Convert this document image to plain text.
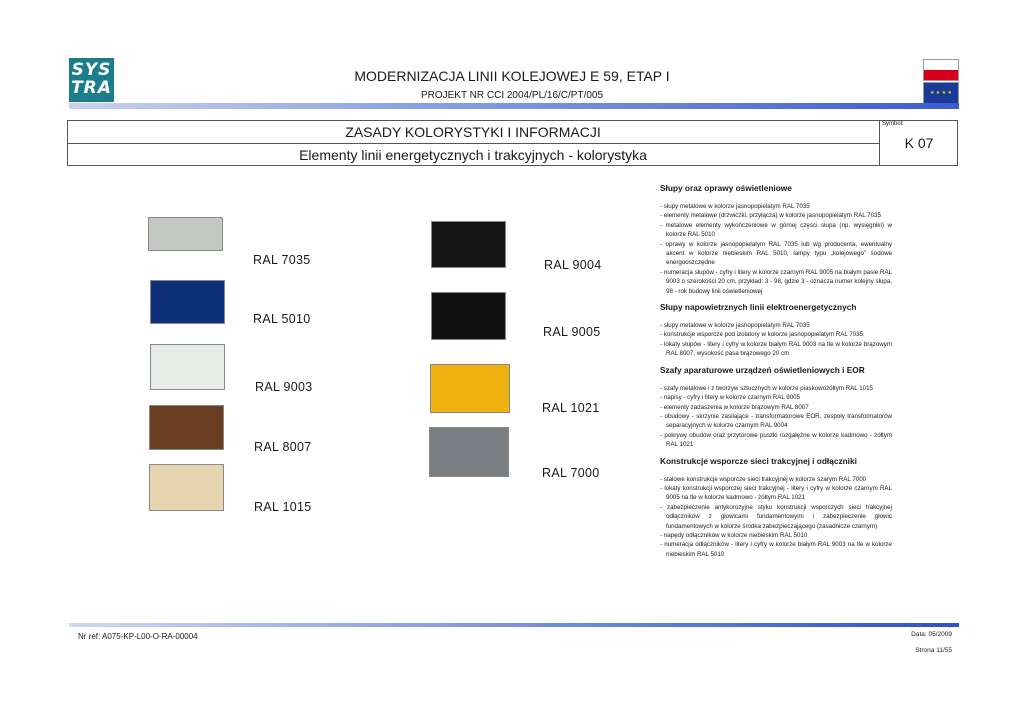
SYS
TRA
MODERNIZACJA LINII KOLEJOWEJ E 59, ETAP I
PROJEKT NR CCI 2004/PL/16/C/PT/005	★ ★ ★ ★
ZASADY KOLORYSTYKI I INFORMACJI
Elementy linii energetycznych i trakcyjnych - kolorystyka
Symbol:
K 07
RAL 7035
RAL 5010
RAL 9003
RAL 8007
RAL 1015
RAL 9004
RAL 9005
RAL 1021
RAL 7000
Słupy oraz oprawy oświetleniowe
- słupy metalowe w kolorze jasnopopielatym RAL 7035
- elementy metalowe (drzwiczki, przyłącza) w kolorze jasnopopielatym RAL 7035
- metalowe elementy wykończeniowe w górnej części słupa (np. wysięgniki) w kolorze RAL 5010
- oprawy w kolorze jasnopopielatym RAL 7035 lub wg producenta, ewentualny akcent w kolorze niebieskim RAL 5010, lampy typu „kolejowego” sodowe energooszczędne
- numeracja słupów - cyfry i litery w kolorze czarnym RAL 9005 na białym pasie RAL 9003 o szerokości 20 cm, przykład: 3 - 98, gdzie 3 - oznacza numer kolejny słupa, 98 - rok budowy linii oświetleniowej
Słupy napowietrznych linii elektroenergetycznych
- słupy metalowe w kolorze jasnopopielatym RAL 7035
- konstrukcje wsporcze pod izolatory w kolorze jasnopopielatym RAL 7035
- lokaty słupów - litery i cyfry w kolorze białym RAL 9003 na tle w kolorze brązowym RAL 8007, wysokość pasa brązowego 20 cm
Szafy aparaturowe urządzeń oświetleniowych i EOR
- szafy metalowe i z tworzyw sztucznych w kolorze piaskowożółtym RAL 1015
- napisy - cyfry i litery w kolorze czarnym RAL 9005
- elementy zadaszenia w kolorze brązowym RAL 8007
- obudowy - skrzynie zasilające - transformatorowe EOR, zespoły transformatorów separacyjnych w kolorze czarnym RAL 9004
- pokrywy obudów oraz przytorowe puszki rozgałężne w kolorze kadmowo - żółtym RAL 1021
Konstrukcje wsporcze sieci trakcyjnej i odłączniki
- stalowe konstrukcje wsporcze sieci trakcyjnej w kolorze szarym RAL 7000
- lokaty konstrukcji wsporczej sieci trakcyjnej - litery i cyfry w kolorze czarnym RAL 9005 na tle w kolorze kadmowo - żółtym RAL 1021
- zabezpieczenie antykorozyjne styku konstrukcji wsporczych sieci trakcyjnej odłączników z głowicami fundamentowymi i zabezpieczenie głowic fundamentowych w kolorze środka zabezpieczającego (zasadnicze czarnym)
- napędy odłączników w kolorze niebieskim RAL 5010
- numeracja odłączników - litery i cyfry w kolorze białym RAL 9003 na tle w kolorze niebieskim RAL 5010
Nr ref: A075-KP-L00-O-RA-00004	Data: 05/2009
Strona 11/55
